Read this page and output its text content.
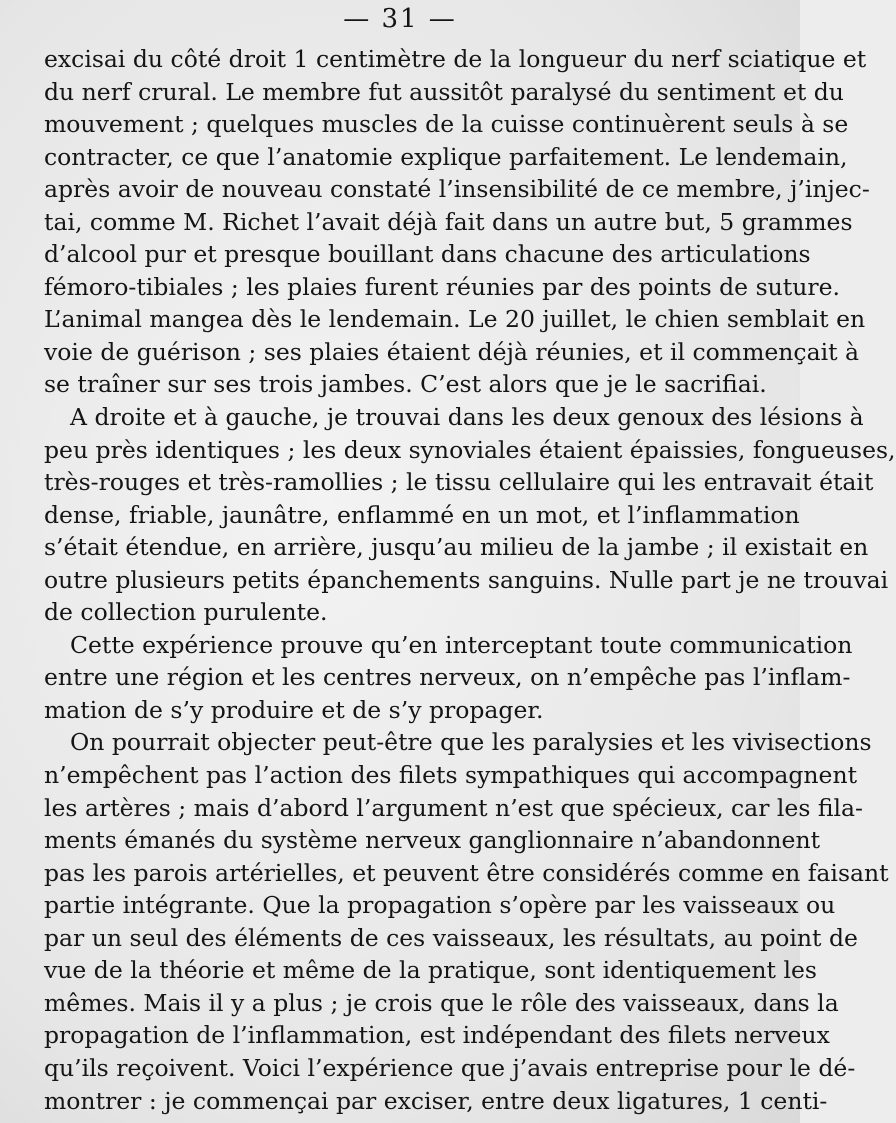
— 31 —
excisai du côté droit 1 centimètre de la longueur du nerf sciatique et
du nerf crural. Le membre fut aussitôt paralysé du sentiment et du
mouvement ; quelques muscles de la cuisse continuèrent seuls à se
contracter, ce que l’anatomie explique parfaitement. Le lendemain,
après avoir de nouveau constaté l’insensibilité de ce membre, j’injec-
tai, comme M. Richet l’avait déjà fait dans un autre but, 5 grammes
d’alcool pur et presque bouillant dans chacune des articulations
fémoro-tibiales ; les plaies furent réunies par des points de suture.
L’animal mangea dès le lendemain. Le 20 juillet, le chien semblait en
voie de guérison ; ses plaies étaient déjà réunies, et il commençait à
se traîner sur ses trois jambes. C’est alors que je le sacrifiai.
A droite et à gauche, je trouvai dans les deux genoux des lésions à
peu près identiques ; les deux synoviales étaient épaissies, fongueuses,
très-rouges et très-ramollies ; le tissu cellulaire qui les entravait était
dense, friable, jaunâtre, enflammé en un mot, et l’inflammation
s’était étendue, en arrière, jusqu’au milieu de la jambe ; il existait en
outre plusieurs petits épanchements sanguins. Nulle part je ne trouvai
de collection purulente.
Cette expérience prouve qu’en interceptant toute communication
entre une région et les centres nerveux, on n’empêche pas l’inflam-
mation de s’y produire et de s’y propager.
On pourrait objecter peut-être que les paralysies et les vivisections
n’empêchent pas l’action des filets sympathiques qui accompagnent
les artères ; mais d’abord l’argument n’est que spécieux, car les fila-
ments émanés du système nerveux ganglionnaire n’abandonnent
pas les parois artérielles, et peuvent être considérés comme en faisant
partie intégrante. Que la propagation s’opère par les vaisseaux ou
par un seul des éléments de ces vaisseaux, les résultats, au point de
vue de la théorie et même de la pratique, sont identiquement les
mêmes. Mais il y a plus ; je crois que le rôle des vaisseaux, dans la
propagation de l’inflammation, est indépendant des filets nerveux
qu’ils reçoivent. Voici l’expérience que j’avais entreprise pour le dé-
montrer : je commençai par exciser, entre deux ligatures, 1 centi-
